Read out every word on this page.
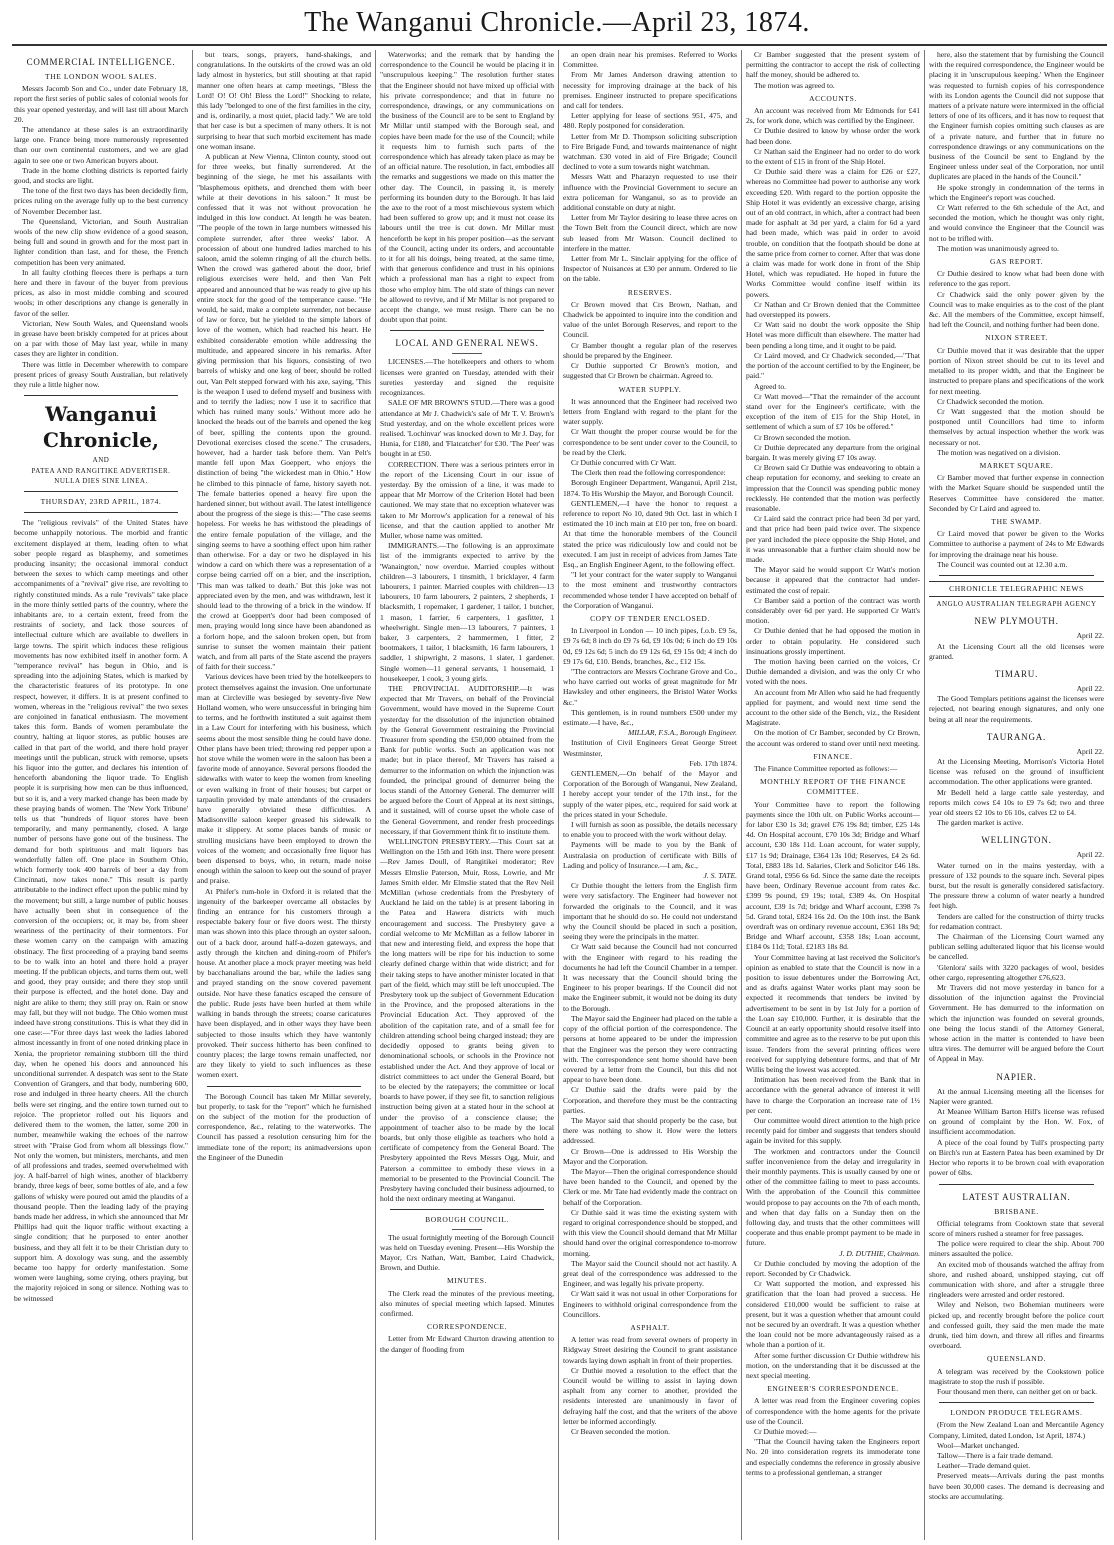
The Wanganui Chronicle.—April 23, 1874.
COMMERCIAL INTELLIGENCE.
THE LONDON WOOL SALES.

Messrs Jacomb Son and Co., under date February 18, report the first series of public sales of colonial wools for this year opened yesterday, and will last till about March 20.

The attendance at these sales is an extraordinarily large one. France being more numerously represented than our own continental customers, and we are glad again to see one or two American buyers about.

Trade in the home clothing districts is reported fairly good, and stocks are light.

The tone of the first two days has been decidedly firm, prices ruling on the average fully up to the best currency of November December last.

The Queensland, Victorian, and South Australian wools of the new clip show evidence of a good season, being full and sound in growth and for the most part in lighter condition than last, and for these, the French competition has been very animated.

In all faulty clothing fleeces there is perhaps a turn here and there in favour of the buyer from previous prices, as also in most middle combing and scoured wools; in other descriptions any change is generally in favor of the seller.

Victorian, New South Wales, and Queensland wools in grease have been briskly competed for at prices about on a par with those of May last year, while in many cases they are lighter in condition.

There was little in December wherewith to compare present prices of greasy South Australian, but relatively they rule a little higher now.

Wanganui Chronicle,
AND
PATEA AND RANGITIKE ADVERTISER.
NULLA DIES SINE LINEA.
THURSDAY, 23RD APRIL, 1874.

The "religious revivals" of the United States have become unhappily notorious. The morbid and frantic excitement displayed at them, leading often to what sober people regard as blasphemy, and sometimes producing insanity; the occasional immoral conduct between the sexes to which camp meetings and other accompaniments of a "revival" give rise, are revolting to rightly constituted minds. As a rule "revivals" take place in the more thinly settled parts of the country, where the inhabitants are, to a certain extent, freed from the restraints of society, and lack those sources of intellectual culture which are available to dwellers in large towns. The spirit which induces these religious movements has now exhibited itself in another form. A "temperance revival" has begun in Ohio, and is spreading into the adjoining States, which is marked by the characteristic features of its prototype. In one respect, however, it differs. It is at present confined to women, whereas in the "religious revival" the two sexes are conjoined in fanatical enthusiasm. The movement takes this form. Bands of women perambulate the country, halting at liquor stores, as public houses are called in that part of the world, and there hold prayer meetings until the publican, struck with remorse, upsets his liquor into the gutter, and declares his intention of henceforth abandoning the liquor trade. To English people it is surprising how men can be thus influenced, but so it is, and a very marked change has been made by these praying bands of women. The 'New York Tribune' tells us that "hundreds of liquor stores have been temporarily, and many permanently, closed. A large number of persons have gone out of the business. The demand for both spirituous and malt liquors has wonderfully fallen off. One place in Southern Ohio, which formerly took 400 barrels of beer a day from Cincinnati, now takes none." This result is partly attributable to the indirect effect upon the public mind by the movement; but still, a large number of public houses have actually been shut in consequence of the conversion of the occupiers; or, it may be, from sheer weariness of the pertinacity of their tormentors. For these women carry on the campaign with amazing obstinacy. The first proceeding of a praying band seems to be to walk into an hotel and there hold a prayer meeting. If the publican objects, and turns them out, well and good, they pray outside; and there they stop until their purpose is effected, and the hotel done. Day and night are alike to them; they still pray on. Rain or snow may fall, but they will not budge. The Ohio women must indeed have strong constitutions. This is what they did in one case:—"For three days last week the ladies labored almost incessantly in front of one noted drinking place in Xenia, the proprietor remaining stubborn till the third day, when he opened his doors and announced his unconditional surrender. A despatch was sent to the State Convention of Grangers, and that body, numbering 600, rose and indulged in three hearty cheers. All the church bells were set ringing, and the entire town turned out to rejoice. The proprietor rolled out his liquors and delivered them to the women, the latter, some 200 in number, meanwhile waking the echoes of the narrow street with "Praise God from whom all blessings flow." Not only the women, but ministers, merchants, and men of all professions and trades, seemed overwhelmed with joy. A half-barrel of high wines, another of blackberry brandy, three kegs of beer, some bottles of ale, and a few gallons of whisky were poured out amid the plaudits of a thousand people. Then the leading lady of the praying bands made her address, in which she announced that Mr Phillips had quit the liquor traffic without exacting a single condition; that he purposed to enter another business, and they all felt it to be their Christian duty to support him. A doxology was sung, and the assembly became too happy for orderly manifestation. Some women were laughing, some crying, others praying, but the majority rejoiced in song or silence. Nothing was to be witnessed

but tears, songs, prayers, hand-shakings, and congratulations. In the outskirts of the crowd was an old lady almost in hysterics, but still shouting at that rapid manner one often hears at camp meetings, "Bless the Lord! O! O! Oh! Bless the Lord!" Shocking to relate, this lady "belonged to one of the first families in the city, and is, ordinarily, a most quiet, placid lady." We are told that her case is but a specimen of many others. It is not surprising to hear that such morbid excitement has made one woman insane.

A publican at New Vienna, Clinton county, stood out for three weeks, but finally surrendered. At the beginning of the siege, he met his assailants with "blasphemous epithets, and drenched them with beer while at their devotions in his saloon." It must be confessed that it was not without provocation he indulged in this low conduct. At length he was beaten. "The people of the town in large numbers witnessed his complete surrender, after three weeks' labor. A procession of about one hundred ladies marched to his saloon, amid the solemn ringing of all the church bells. When the crowd was gathered about the door, brief religious exercises were held, and then Van Pelt appeared and announced that he was ready to give up his entire stock for the good of the temperance cause. "He would, he said, make a complete surrender, not because of law or force, but he yielded to the simple labors of love of the women, which had reached his heart. He exhibited considerable emotion while addressing the multitude, and appeared sincere in his remarks. After giving permission that his liquors, consisting of two barrels of whisky and one keg of beer, should be rolled out, Van Pelt stepped forward with his axe, saying, 'This is the weapon I used to defend myself and business with and to terrify the ladies; now I use it to sacrifice that which has ruined many souls.' Without more ado he knocked the heads out of the barrels and opened the keg of beer, spilling the contents upon the ground. Devotional exercises closed the scene." The crusaders, however, had a harder task before them. Van Pelt's mantle fell upon Max Goeppert, who enjoys the distinction of being "the wickedest man in Ohio." How he climbed to this pinnacle of fame, history sayeth not. The female batteries opened a heavy fire upon the hardened sinner, but without avail. The latest intelligence about the progress of the siege is this:—"The case seems hopeless. For weeks he has withstood the pleadings of the entire female population of the village, and the singing seems to have a soothing effect upon him rather than otherwise. For a day or two he displayed in his window a card on which there was a representation of a corpse being carried off on a bier, and the inscription, 'This man was talked to death.' But this joke was not appreciated even by the men, and was withdrawn, lest it should lead to the throwing of a brick in the window. If the crowd at Goeppert's door had been composed of men, praying would long since have been abandoned as a forlorn hope, and the saloon broken open, but from sunrise to sunset the women maintain their patient watch, and from all parts of the State ascend the prayers of faith for their success."

Various devices have been tried by the hotelkeepers to protect themselves against the invasion. One unfortunate man at Circleville was besieged by seventy-five New Holland women, who were unsuccessful in bringing him to terms, and he forthwith instituted a suit against them in a Law Court for interfering with his business, which seems about the most sensible thing he could have done. Other plans have been tried; throwing red pepper upon a hot stove while the women were in the saloon has been a favorite mode of annoyance. Several persons flooded the sidewalks with water to keep the women from kneeling or even walking in front of their houses; but carpet or tarpaulin provided by male attendants of the crusaders have generally obviated these difficulties. A Madisonville saloon keeper greased his sidewalk to make it slippery. At some places bands of music or strolling musicians have been employed to drown the voices of the women; and occasionally free liquor has been dispensed to boys, who, in return, made noise enough within the saloon to keep out the sound of prayer and praise.

At Phifer's rum-hole in Oxford it is related that the ingenuity of the barkeeper overcame all obstacles by finding an entrance for his customers through a respectable bakery four or five doors west. The thirsty man was shown into this place through an oyster saloon, out of a back door, around half-a-dozen gateways, and astly through the kitchen and dining-room of Phifer's house. At another place a mock prayer meeting was held by bacchanalians around the bar, while the ladies sang and prayed standing on the snow covered pavement outside. Nor have these fanatics escaped the censure of the public. Rude jests have been hurled at them while walking in bands through the streets; coarse caricatures have been displayed, and in other ways they have been subjected to those insults which they have wantonly provoked. Their success hitherto has been confined to country places; the large towns remain unaffected, nor are they likely to yield to such influences as these women exert.

The Borough Council has taken Mr Millar severely, but properly, to task for the "report" which he furnished on the subject of the motion for the production of correspondence, &c., relating to the waterworks. The Council has passed a resolution censuring him for the immediate tone of the report; its animadversions upon the Engineer of the Dunedin

Waterworks; and the remark that by handing the correspondence to the Council he would be placing it in "unscrupulous keeping." The resolution further states that the Engineer should not have mixed up official with his private correspondence; and that in future no correspondence, drawings, or any communications on the business of the Council are to be sent to England by Mr Millar until stamped with the Borough seal, and copies have been made for the use of the Council; while it requests him to furnish such parts of the correspondence which has already taken place as may be of an official nature. The resolution, in fact, embodies all the remarks and suggestions we made on this matter the other day. The Council, in passing it, is merely performing its bounden duty to the Borough. It has laid the axe to the root of a most mischievous system which had been suffered to grow up; and it must not cease its labours until the tree is cut down. Mr Millar must henceforth be kept in his proper position—as the servant of the Council, acting under its orders, and accountable to it for all his doings, being treated, at the same time, with that generous confidence and trust in his opinions which a professional man has a right to expect from those who employ him. The old state of things can never be allowed to revive, and if Mr Millar is not prepared to accept the change, we must resign. There can be no doubt upon that point.

LOCAL AND GENERAL NEWS.

LICENSES.—The hotelkeepers and others to whom licenses were granted on Tuesday, attended with their sureties yesterday and signed the requisite recognizances.

SALE OF MR BROWN'S STUD.—There was a good attendance at Mr J. Chadwick's sale of Mr T. V. Brown's Stud yesterday, and on the whole excellent prices were realised. 'Lochinvar' was knocked down to Mr J. Day, for Hunia, for £180, and 'Flatcatcher' for £30. 'The Peer' was bought in at £50.

CORRECTION. There was a serious printers error in the report of the Licensing Court in our issue of yesterday. By the omission of a line, it was made to appear that Mr Morrow of the Criterion Hotel had been cautioned. We may state that no exception whatever was taken to Mr Morrow's application for a renewal of his license, and that the caution applied to another Mr Muller, whose name was omitted.

IMMIGRANTS.—The following is an approximate list of the immigrants expected to arrive by the 'Wanaington,' now overdue. Married couples without children—3 labourers, 1 tinsmith, 1 bricklayer, 4 farm labourers, 1 painter. Married couples with children—13 labourers, 10 farm labourers, 2 painters, 2 shepherds, 1 blacksmith, 1 ropemaker, 1 gardener, 1 tailor, 1 butcher, 1 mason, 1 farrier, 6 carpenters, 1 gasfitter, 1 wheelwright. Single men—13 labourers, 7 painters, 1 baker, 3 carpenters, 2 hammermen, 1 fitter, 2 bootmakers, 1 tailor, 1 blacksmith, 16 farm labourers, 1 saddler, 1 shipwright, 2 masons, 1 slater, 1 gardener. Single women—11 general servants, 1 housemaid, 1 housekeeper, 1 cook, 3 young girls.

THE PROVINCIAL AUDITORSHIP.—It was expected that Mr Travers, on behalf of the Provincial Government, would have moved in the Supreme Court yesterday for the dissolution of the injunction obtained by the General Government restraining the Provincial Treasurer from spending the £50,000 obtained from the Bank for public works. Such an application was not made; but in place thereof, Mr Travers has raised a demurrer to the information on which the injunction was founded, the principal ground of demurrer being the locus standi of the Attorney General. The demurrer will be argued before the Court of Appeal at its next sittings, and it sustained, will of course upset the whole case of the General Government, and render fresh proceedings necessary, if that Government think fit to institute them.

WELLINGTON PRESBYTERY.—This Court sat at Wellington on the 15th and 16th inst. There were present—Rev James Doull, of Rangitikei moderator; Rev Messrs Elmslie Paterson, Muir, Ross, Lowrie, and Mr James Smith elder. Mr Elmslie stated that the Rev Neil McMillan (whose credentials from the Presbytery of Auckland he laid on the table) is at present laboring in the Patea and Hawera districts with much encouragement and success. The Presbytery gave a cordial welcome to Mr McMillan as a fellow laborer in that new and interesting field, and express the hope that the long matters will be ripe for his induction to some clearly defined charge within that wide district; and for their taking steps to have another minister located in that part of the field, which may still be left unoccupied. The Presbytery took up the subject of Government Education in the Province, and the proposed alterations in the Provincial Education Act. They approved of the abolition of the capitation rate, and of a small fee for children attending school being charged instead; they are decidedly opposed to grants being given to denominational schools, or schools in the Province not established under the Act. And they approve of local or district committees to act under the General Board, but to be elected by the ratepayers; the committee or local boards to have power, if they see fit, to sanction religious instruction being given at a stated hour in the school at under the proviso of a conscience clause; the appointment of teacher also to be made by the local boards, but only those eligible as teachers who hold a certificate of competency from the General Board. The Presbytery appointed the Revs Messrs Ogg, Muir, and Paterson a committee to embody these views in a memorial to be presented to the Provincial Council. The Presbytery having concluded their business adjourned, to hold the next ordinary meeting at Wanganui.

BOROUGH COUNCIL.

The usual fortnightly meeting of the Borough Council was held on Tuesday evening. Present—His Worship the Mayor, Crs Nathan, Watt, Bamber, Laird Chadwick, Brown, and Duthie.

MINUTES.

The Clerk read the minutes of the previous meeting, also minutes of special meeting which lapsed. Minutes confirmed.

CORRESPONDENCE.

Letter from Mr Edward Churton drawing attention to the danger of flooding from

an open drain near his premises. Referred to Works Committee.

From Mr James Anderson drawing attention to necessity for improving drainage at the back of his premises. Engineer instructed to prepare specifications and call for tenders.

Letter applying for lease of sections 951, 475, and 480. Reply postponed for consideration.

Letter from Mr D. Thompson soliciting subscription to Fire Brigade Fund, and towards maintenance of night watchman. £30 voted in aid of Fire Brigade; Council declined to vote a sum towards night watchman.

Messrs Watt and Pharazyn requested to use their influence with the Provincial Government to secure an extra policeman for Wanganui, so as to provide an additional constable on duty at night.

Letter from Mr Taylor desiring to lease three acres on the Town Belt from the Council direct, which are now sub leased from Mr Watson. Council declined to interfere in the matter.

Letter from Mr L. Sinclair applying for the office of Inspector of Nuisances at £30 per annum. Ordered to lie on the table.

RESERVES.

Cr Brown moved that Crs Brown, Nathan, and Chadwick be appointed to inquire into the condition and value of the unlet Borough Reserves, and report to the Council.

Cr Bamber thought a regular plan of the reserves should be prepared by the Engineer.

Cr Duthie supported Cr Brown's motion, and suggested that Cr Brown be chairman. Agreed to.

WATER SUPPLY.

It was announced that the Engineer had received two letters from England with regard to the plant for the water supply.

Cr Watt thought the proper course would be for the correspondence to be sent under cover to the Council, to be read by the Clerk.

Cr Duthie concurred with Cr Watt.

The Clerk then read the following correspondence:

Borough Engineer Department, Wanganui, April 21st, 1874. To His Worship the Mayor, and Borough Council.

GENTLEMEN,—I have the honor to request a reference to report No 10, dated 9th Oct. last in which I estimated the 10 inch main at £10 per ton, free on board. At that time the honorable members of the Council stated the price was ridiculously low and could not be executed. I am just in receipt of advices from James Tate Esq., an English Engineer Agent, to the following effect.

"I let your contract for the water supply to Wanganui to the most eminent and trustworthy contractors recommended whose tender I have accepted on behalf of the Corporation of Wanganui.

COPY OF TENDER ENCLOSED.

In Liverpool in London — 10 inch pipes, f.o.b. £9 5s, £9 7s 6d; 8 inch do £9 7s 6d, £9 10s 0d; 6 inch do £9 10s 0d, £9 12s 6d; 5 inch do £9 12s 6d, £9 15s 0d; 4 inch do £9 17s 6d, £10. Bends, branches, &c., £12 15s.

"The contractors are Messrs Cochrane Grove and Co., who have carried out works of great magnitude for Mr Hawksley and other engineers, the Bristol Water Works &c."

This gentlemen, is in round numbers £500 under my estimate.—I have, &c.,

MILLAR, F.S.A., Borough Engineer.

Institution of Civil Engineers Great George Street Westminster,

Feb. 17th 1874.

GENTLEMEN,—On behalf of the Mayor and Corporation of the Borough of Wanganui, New Zealand, I hereby accept your tender of the 17th inst., for the supply of the water pipes, etc., required for said work at the prices stated in your Schedule.

I will furnish as soon as possible, the details necessary to enable you to proceed with the work without delay.

Payments will be made to you by the Bank of Australasia on production of certificate with Bills of Lading and policy of Insurance.—I am, &c.,

J. S. TATE.

Cr Duthie thought the letters from the English firm were very satisfactory. The Engineer had however not forwarded the originals to the Council, and it was important that he should do so. He could not understand why the Council should be placed in such a position, seeing they were the principals in the matter.

Cr Watt said because the Council had not concurred with the Engineer with regard to his reading the documents he had left the Council Chamber in a temper. It was necessary that the Council should bring the Engineer to his proper bearings. If the Council did not make the Engineer submit, it would not be doing its duty to the Borough.

The Mayor said the Engineer had placed on the table a copy of the official portion of the correspondence. The persons at home appeared to be under the impression that the Engineer was the person they were contracting with. The correspondence sent home should have been covered by a letter from the Council, but this did not appear to have been done.

Cr Duthie said the drafts were paid by the Corporation, and therefore they must be the contracting parties.

The Mayor said that should properly be the case, but there was nothing to show it. How were the letters addressed.

Cr Brown—One is addressed to His Worship the Mayor and the Corporation.

The Mayor—Then the original correspondence should have been handed to the Council, and opened by the Clerk or me. Mr Tate had evidently made the contract on behalf of the Corporation.

Cr Duthie said it was time the existing system with regard to original correspondence should be stopped, and with this view the Council should demand that Mr Millar should hand over the original correspondence to-morrow morning.

The Mayor said the Council should not act hastily. A great deal of the correspondence was addressed to the Engineer, and was legally his private property.

Cr Watt said it was not usual in other Corporations for Engineers to withhold original correspondence from the Councillors.

ASPHALT.

A letter was read from several owners of property in Ridgway Street desiring the Council to grant assistance towards laying down asphalt in front of their properties.

Cr Duthie moved a resolution to the effect that the Council would be willing to assist in laying down asphalt from any corner to another, provided the residents interested are unanimously in favor of defraying half the cost, and that the writers of the above letter be informed accordingly.

Cr Beaven seconded the motion.

Cr Bamber suggested that the present system of permitting the contractor to accept the risk of collecting half the money, should be adhered to.

The motion was agreed to.

ACCOUNTS.

An account was received from Mr Edmonds for £41 2s, for work done, which was certified by the Engineer.

Cr Duthie desired to know by whose order the work had been done.

Cr Nathan said the Engineer had no order to do work to the extent of £15 in front of the Ship Hotel.

Cr Duthie said there was a claim for £26 or £27, whereas no Committee had power to authorise any work exceeding £20. With regard to the portion opposite the Ship Hotel it was evidently an excessive charge, arising out of an old contract, in which, after a contract had been made for asphalt at 3d per yard, a claim for 6d a yard had been made, which was paid in order to avoid trouble, on condition that the footpath should be done at the same price from corner to corner. After that was done a claim was made for work done in front of the Ship Hotel, which was repudiated. He hoped in future the Works Committee would confine itself within its powers.

Cr Nathan and Cr Brown denied that the Committee had overstepped its powers.

Cr Watt said no doubt the work opposite the Ship Hotel was more difficult than elsewhere. The matter had been pending a long time, and it ought to be paid.

Cr Laird moved, and Cr Chadwick seconded,—"That the portion of the account certified to by the Engineer, be paid."

Agreed to.

Cr Watt moved—"That the remainder of the account stand over for the Engineer's certificate, with the exception of the item of £15 for the Ship Hotel, in settlement of which a sum of £7 10s be offered."

Cr Brown seconded the motion.

Cr Duthie deprecated any departure from the original bargain. It was merely giving £7 10s away.

Cr Brown said Cr Duthie was endeavoring to obtain a cheap reputation for economy, and seeking to create an impression that the Council was spending public money recklessly. He contended that the motion was perfectly reasonable.

Cr Laird said the contract price had been 3d per yard, and that price had been paid twice over. The sixpence per yard included the piece opposite the Ship Hotel, and it was unreasonable that a further claim should now be made.

The Mayor said he would support Cr Watt's motion because it appeared that the contractor had under-estimated the cost of repair.

Cr Bamber said a portion of the contract was worth considerably over 6d per yard. He supported Cr Watt's motion.

Cr Duthie denied that he had opposed the motion in order to obtain popularity. He considered such insinuations grossly impertinent.

The motion having been carried on the voices, Cr Duthie demanded a division, and was the only Cr who voted with the noes.

An account from Mr Allen who said he had frequently applied for payment, and would next time send the account to the other side of the Bench, viz., the Resident Magistrate.

On the motion of Cr Bamber, seconded by Cr Brown, the account was ordered to stand over until next meeting.

FINANCE.

The Finance Committee reported as follows:—

MONTHLY REPORT OF THE FINANCE COMMITTEE.

Your Committee have to report the following payments since the 10th ult. on Public Works account—for labor £30 1s 3d; gravel £76 19s 8d; timber, £25 14s 4d. On Hospital account, £70 10s 3d; Bridge and Wharf account, £30 18s 11d. Loan account, for water supply, £17 1s 9d; Drainage, £364 13s 10d; Reserves, £4 2s 6d. Total, £883 18s 1d. Salaries, Clerk and Solicitor £46 18s. Grand total, £956 6s 6d. Since the same date the receipts have been, Ordinary Revenue account from rates &c. £399 9s pound, £9 19s; total, £389 4s. On Hospital account, £39 1s 7d; bridge and Wharf account, £398 7s 5d. Grand total, £824 16s 2d. On the 10th inst. the Bank overdraft was on ordinary revenue account, £361 18s 9d; Bridge and Wharf account, £358 18s; Loan account, £184 0s 11d; Total. £2183 18s 8d.

Your Committee having at last received the Solicitor's opinion as enabled to state that the Council is now in a position to issue debentures under the Borrowing Act, and as drafts against Water works plant may soon be expected it recommends that tenders be invited by advertisement to be sent in by 1st July for a portion of the Loan say £10,000. Further, it is desirable that the Council at an early opportunity should resolve itself into committee and agree as to the reserve to be put upon this issue. Tenders from the several printing offices were received for supplying debenture forms, and that of Mr Willis being the lowest was accepted.

Intimation has been received from the Bank that in accordance with the general advance of interest it will have to charge the Corporation an increase rate of 1½ per cent.

Our committee would direct attention to the high price recently paid for timber and suggests that tenders should again be invited for this supply.

The workmen and contractors under the Council suffer inconvenience from the delay and irregularity in their monthly payments. This is usually caused by one or other of the committee failing to meet to pass accounts. With the approbation of the Council this committee would propose to pay accounts on the 7th of each month, and when that day falls on a Sunday then on the following day, and trusts that the other committees will cooperate and thus enable prompt payment to be made in future.

J. D. DUTHIE, Chairman.

Cr Duthie concluded by moving the adoption of the report. Seconded by Cr Chadwick.

Cr Watt supported the motion, and expressed his gratification that the loan had proved a success. He considered £10,000 would be sufficient to raise at present, but it was a question whether that amount could not be secured by an overdraft. It was a question whether the loan could not be more advantageously raised as a whole than a portion of it.

After some further discussion Cr Duthie withdrew his motion, on the understanding that it be discussed at the next special meeting.

ENGINEER'S CORRESPONDENCE.

A letter was read from the Engineer covering copies of correspondence with the home agents for the private use of the Council.

Cr Duthie moved:—

"That the Council having taken the Engineers report No. 20 into consideration regrets its immoderate tone and especially condemns the reference in grossly abusive terms to a professional gentleman, a stranger

here, also the statement that by furnishing the Council with the required correspondence, the Engineer would be placing it in 'unscrupulous keeping.' When the Engineer was requested to furnish copies of his correspondence with its London agents the Council did not suppose that matters of a private nature were intermixed in the official letters of one of its officers, and it has now to request that the Engineer furnish copies omitting such clauses as are of a private nature, and further that in future no correspondence drawings or any communications on the business of the Council be sent to England by the Engineer unless under seal of the Corporation, nor until duplicates are placed in the hands of the Council."

He spoke strongly in condemnation of the terms in which the Engineer's report was couched.

Cr Watt referred to the 6th schedule of the Act, and seconded the motion, which he thought was only right, and would convince the Engineer that the Council was not to be trifled with.

The motion was unanimously agreed to.

GAS REPORT.

Cr Duthie desired to know what had been done with reference to the gas report.

Cr Chadwick said the only power given by the Council was to make enquiries as to the cost of the plant &c. All the members of the Committee, except himself, had left the Council, and nothing further had been done.

NIXON STREET.

Cr Duthie moved that it was desirable that the upper portion of Nixon street should be cut to its level and metalled to its proper width, and that the Engineer be instructed to prepare plans and specifications of the work for next meeting.

Cr Chadwick seconded the motion.

Cr Watt suggested that the motion should be postponed until Councillors had time to inform themselves by actual inspection whether the work was necessary or not.

The motion was negatived on a division.

MARKET SQUARE.

Cr Bamber moved that further expense in connection with the Market Square should be suspended until the Reserves Committee have considered the matter. Seconded by Cr Laird and agreed to.

THE SWAMP.

Cr Laird moved that power be given to the Works Committee to authorise a payment of 24s to Mr Edwards for improving the drainage near his house.

The Council was counted out at 12.30 a.m.

CHRONICLE TELEGRAPHIC NEWS
ANGLO AUSTRALIAN TELEGRAPH AGENCY
NEW PLYMOUTH.

April 22.

At the Licensing Court all the old licenses were granted.

TIMARU.

April 22.

The Good Templars petitions against the licenses were rejected, not bearing enough signatures, and only one being at all near the requirements.

TAURANGA.

April 22.

At the Licensing Meeting, Morrison's Victoria Hotel license was refused on the ground of insufficient accommodation. The other applications were granted.

Mr Bedell held a large cattle sale yesterday, and reports milch cows £4 10s to £9 7s 6d; two and three year old steers £2 10s to £6 10s, calves £2 to £4.

The garden market is active.

WELLINGTON.

April 22.

Water turned on in the mains yesterday, with a pressure of 132 pounds to the square inch. Several pipes burst, but the result is generally considered satisfactory. The pressure threw a column of water nearly a hundred feet high.

Tenders are called for the construction of thirty trucks for redamation contract.

The Chairman of the Licensing Court warned any publican selling adulterated liquor that his license would be cancelled.

'Glenlora' sails with 3220 packages of wool, besides other cargo, representing altogether £76,623.

Mr Travers did not move yesterday in banco for a dissolution of the injunction against the Provincial Government. He has demurred to the information on which the injunction was founded on several grounds, one being the locus standi of the Attorney General, whose action in the matter is contended to have been ultra vires. The demurrer will be argued before the Court of Appeal in May.

NAPIER.

At the annual Licensing meeting all the licenses for Napier were granted.

At Meanee William Barton Hill's license was refused on ground of complaint by the Hon. W. Fox, of insufficient accommodation.

A piece of the coal found by Tull's prospecting party on Birch's run at Eastern Patea has been examined by Dr Hector who reports it to be brown coal with evaporation power of 6lbs.

LATEST AUSTRALIAN.
BRISBANE.

Official telegrams from Cooktown state that several score of miners rushed a steamer for free passages.

The police were required to clear the ship. About 700 miners assaulted the police.

An excited mob of thousands watched the affray from shore, and rushed aboard, unshipped staying, cut off communication with shore, and after a struggle three ringleaders were arrested and order restored.

Wiley and Nelson, two Bohemian mutineers were picked up, and recently brought before the police court and confessed guilt, they said the men made the mate drunk, tied him down, and threw all rifles and firearms overboard.

QUEENSLAND.

A telegram was received by the Cookstown police magistrate to stop the rush if possible.

Four thousand men there, can neither get on or back.

LONDON PRODUCE TELEGRAMS.

(From the New Zealand Loan and Mercantile Agency Company, Limited, dated London, 1st April, 1874.)

Wool—Market unchanged.

Tallow—There is a fair trade demand.

Leather—Trade demand quiet.

Preserved meats—Arrivals during the past months have been 30,000 cases. The demand is decreasing and stocks are accumulating.
